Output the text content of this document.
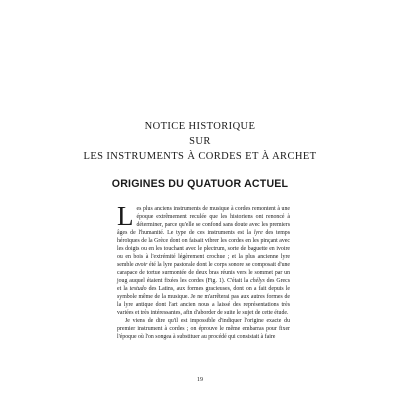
NOTICE HISTORIQUE
SUR
LES INSTRUMENTS À CORDES ET À ARCHET
ORIGINES DU QUATUOR ACTUEL

Les plus anciens instruments de musique à cordes remontent à une époque extrêmement reculée que les historiens ont renoncé à déterminer, parce qu'elle se confond sans doute avec les premiers âges de l'humanité. Le type de ces instruments est la lyre des temps héroïques de la Grèce dont on faisait vibrer les cordes en les pinçant avec les doigts ou en les touchant avec le plectrum, sorte de baguette en ivoire ou en bois à l'extrémité légèrement crochue ; et la plus ancienne lyre semble avoir été la lyre pastorale dont le corps sonore se composait d'une carapace de tortue surmontée de deux bras réunis vers le sommet par un joug auquel étaient fixées les cordes (Fig. 1). C'était la chélys des Grecs et la testudo des Latins, aux formes gracieuses, dont on a fait depuis le symbole même de la musique. Je ne m'arrêterai pas aux autres formes de la lyre antique dont l'art ancien nous a laissé des représentations très variées et très intéressantes, afin d'aborder de suite le sujet de cette étude.

Je viens de dire qu'il est impossible d'indiquer l'origine exacte du premier instrument à cordes ; on éprouve le même embarras pour fixer l'époque où l'on songea à substituer au procédé qui consistait à faire

19
